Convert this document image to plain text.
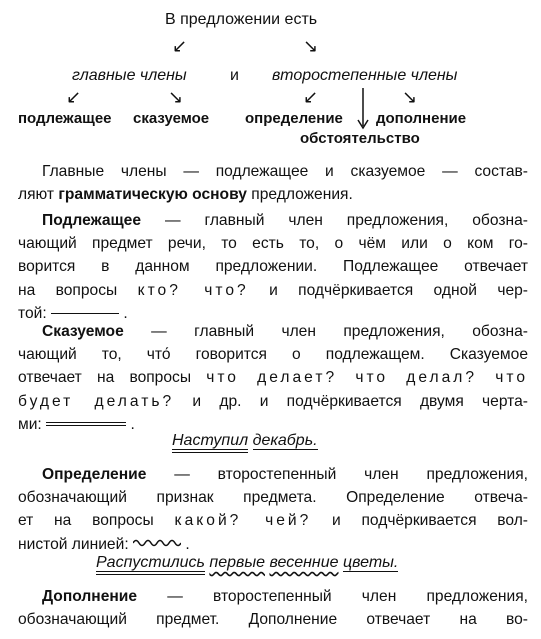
В предложении есть
↙	↘
главные члены	и второстепенные члены
↙	↘	↙	↘
подлежащее сказуемое определение дополнение
обстоятельство
Главные члены — подлежащее и сказуемое — состав-
ляют грамматическую основу предложения.
Подлежащее — главный член предложения, обозна-
чающий предмет речи, то есть то, о чём или о ком го-
ворится в данном предложении. Подлежащее отвечает
на вопросы кто? что? и подчёркивается одной чер-
той:	.
Сказуемое — главный член предложения, обозна-
чающий то, что́ говорится о подлежащем. Сказуемое
отвечает на вопросы что делает? что делал? что
будет делать? и др. и подчёркивается двумя черта-
ми:	.
Наступил декабрь.
Определение — второстепенный член предложения,
обозначающий признак предмета. Определение отвеча-
ет на вопросы какой? чей? и подчёркивается вол-
нистой линией:	.
Распустились первые весенние цветы.
Дополнение — второстепенный член предложения,
обозначающий предмет. Дополнение отвечает на во-
